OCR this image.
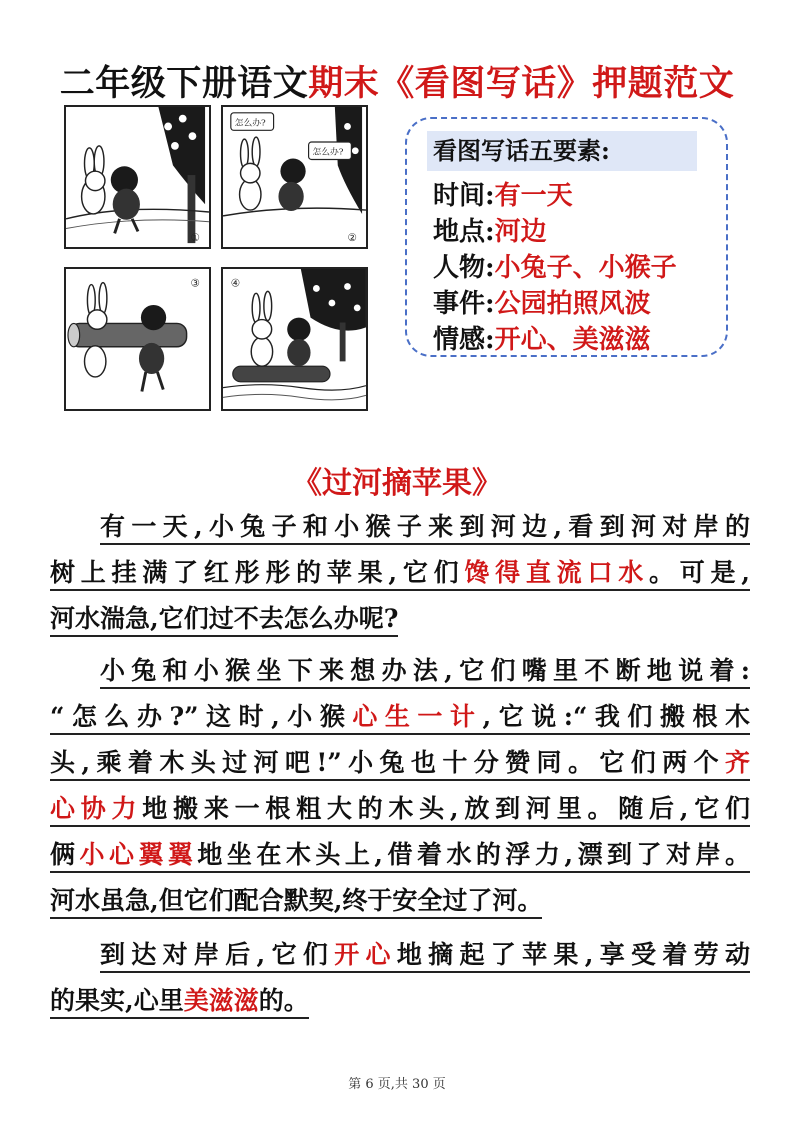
二年级下册语文期末《看图写话》押题范文
①
怎么办?
怎么办?
②
③	④
看图写话五要素:
时间:有一天
地点:河边
人物:小兔子、小猴子
事件:公园拍照风波
情感:开心、美滋滋
《过河摘苹果》
有一天,小兔子和小猴子来到河边,看到河对岸的
树上挂满了红彤彤的苹果,它们馋得直流口水。可是,
河水湍急,它们过不去怎么办呢?
小兔和小猴坐下来想办法,它们嘴里不断地说着:
“怎么办?”这时,小猴心生一计,它说:“我们搬根木
头,乘着木头过河吧!”小兔也十分赞同。它们两个齐
心协力地搬来一根粗大的木头,放到河里。随后,它们
俩小心翼翼地坐在木头上,借着水的浮力,漂到了对岸。
河水虽急,但它们配合默契,终于安全过了河。
到达对岸后,它们开心地摘起了苹果,享受着劳动
的果实,心里美滋滋的。
第 6 页,共 30 页
